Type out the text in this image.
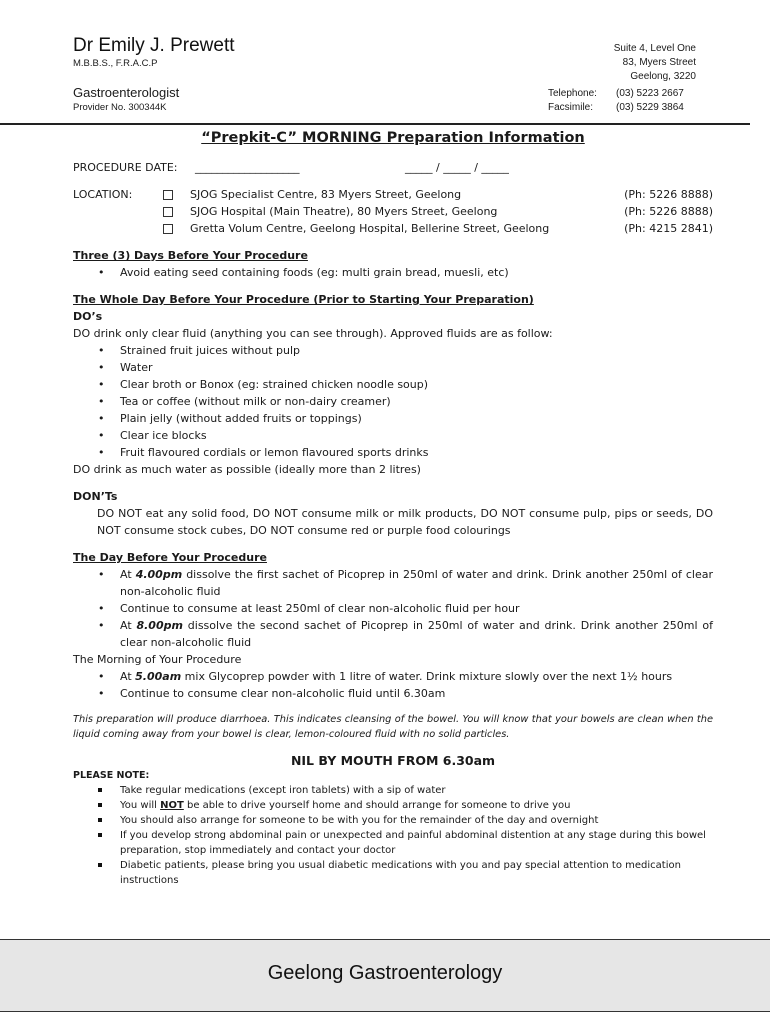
Dr Emily J. Prewett
M.B.B.S., F.R.A.C.P
Gastroenterologist
Provider No. 300344K
Suite 4, Level One
83, Myers Street
Geelong, 3220
Telephone:	(03) 5223 2667
Facsimile:	(03) 5229 3864
“Prepkit-C” MORNING Preparation Information
PROCEDURE DATE:	___________________	_____ / _____ / _____
LOCATION:	SJOG Specialist Centre, 83 Myers Street, Geelong	(Ph: 5226 8888)
SJOG Hospital (Main Theatre), 80 Myers Street, Geelong	(Ph: 5226 8888)
Gretta Volum Centre, Geelong Hospital, Bellerine Street, Geelong	(Ph: 4215 2841)
Three (3) Days Before Your Procedure
• Avoid eating seed containing foods (eg: multi grain bread, muesli, etc)
The Whole Day Before Your Procedure (Prior to Starting Your Preparation)
DO’s
DO drink only clear fluid (anything you can see through). Approved fluids are as follow:
• Strained fruit juices without pulp
• Water
• Clear broth or Bonox (eg: strained chicken noodle soup)
• Tea or coffee (without milk or non-dairy creamer)
• Plain jelly (without added fruits or toppings)
• Clear ice blocks
• Fruit flavoured cordials or lemon flavoured sports drinks
DO drink as much water as possible (ideally more than 2 litres)
DON’Ts
DO NOT eat any solid food, DO NOT consume milk or milk products, DO NOT consume pulp, pips or seeds, DO NOT consume stock cubes, DO NOT consume red or purple food colourings
The Day Before Your Procedure
• At 4.00pm dissolve the first sachet of Picoprep in 250ml of water and drink. Drink another 250ml of clear non-alcoholic fluid
• Continue to consume at least 250ml of clear non-alcoholic fluid per hour
• At 8.00pm dissolve the second sachet of Picoprep in 250ml of water and drink. Drink another 250ml of clear non-alcoholic fluid
The Morning of Your Procedure
• At 5.00am mix Glycoprep powder with 1 litre of water. Drink mixture slowly over the next 1½ hours
• Continue to consume clear non-alcoholic fluid until 6.30am
This preparation will produce diarrhoea. This indicates cleansing of the bowel. You will know that your bowels are clean when the liquid coming away from your bowel is clear, lemon-coloured fluid with no solid particles.
NIL BY MOUTH FROM 6.30am
PLEASE NOTE:
Take regular medications (except iron tablets) with a sip of water
You will NOT be able to drive yourself home and should arrange for someone to drive you
You should also arrange for someone to be with you for the remainder of the day and overnight
If you develop strong abdominal pain or unexpected and painful abdominal distention at any stage during this bowel preparation, stop immediately and contact your doctor
Diabetic patients, please bring you usual diabetic medications with you and pay special attention to medication instructions
Geelong Gastroenterology
